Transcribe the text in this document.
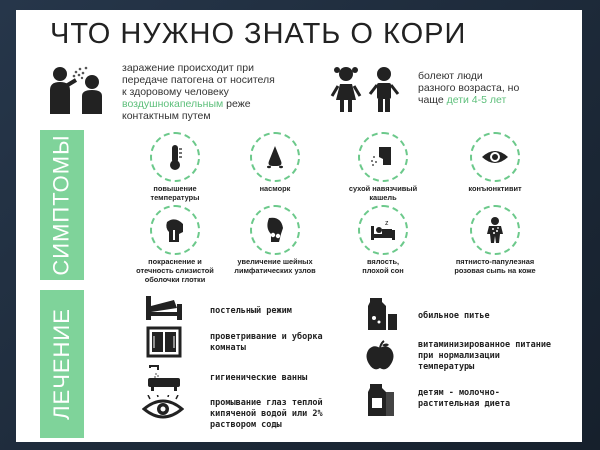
ЧТО НУЖНО ЗНАТЬ О КОРИ
заражение происходит при
передаче патогена от носителя
к здоровому человеку
воздушнокапельным реже
контактным путем
болеют люди
разного возраста, но
чаще дети 4-5 лет
СИМПТОМЫ	повышение
температуры
насморк	сухой навязчивый
кашель
конъюнктивит
покраснение и
отечность слизистой
оболочки глотки
увеличение шейных
лимфатических узлов
z
вялость,
плохой сон
пятнисто-папулезная
розовая сыпь на коже
ЛЕЧЕНИЕ	постельный режим
проветривание и уборка
комнаты
гигиенические ванны
промывание глаз теплой
кипяченой водой или 2%
раствором соды
обильное питье
витаминизированное питание
при нормализации
температуры
детям - молочно-
растительная диета
